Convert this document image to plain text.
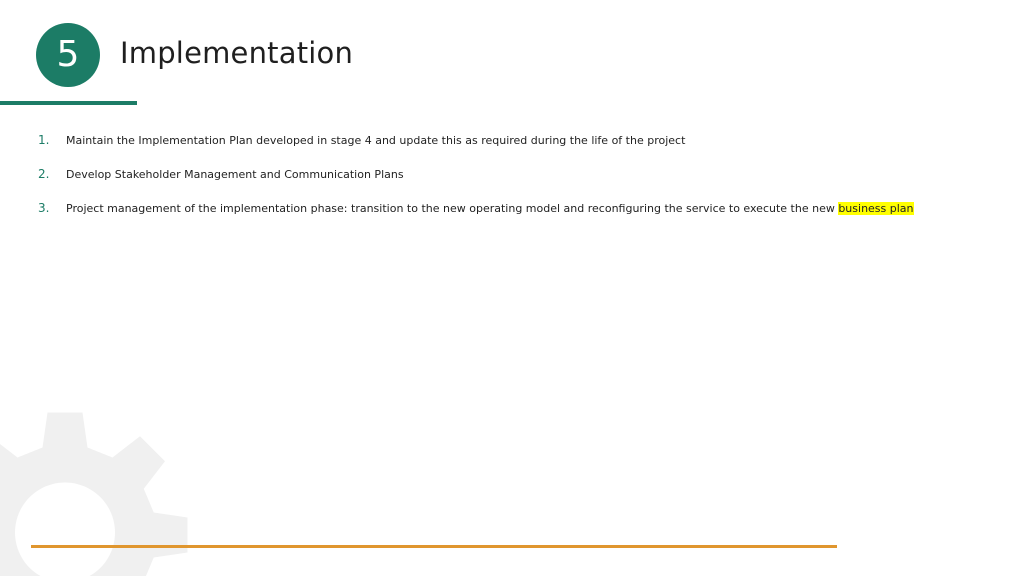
5 Implementation
1. Maintain the Implementation Plan developed in stage 4 and update this as required during the life of the project
2. Develop Stakeholder Management and Communication Plans
3. Project management of the implementation phase: transition to the new operating model and reconfiguring the service to execute the new business plan
